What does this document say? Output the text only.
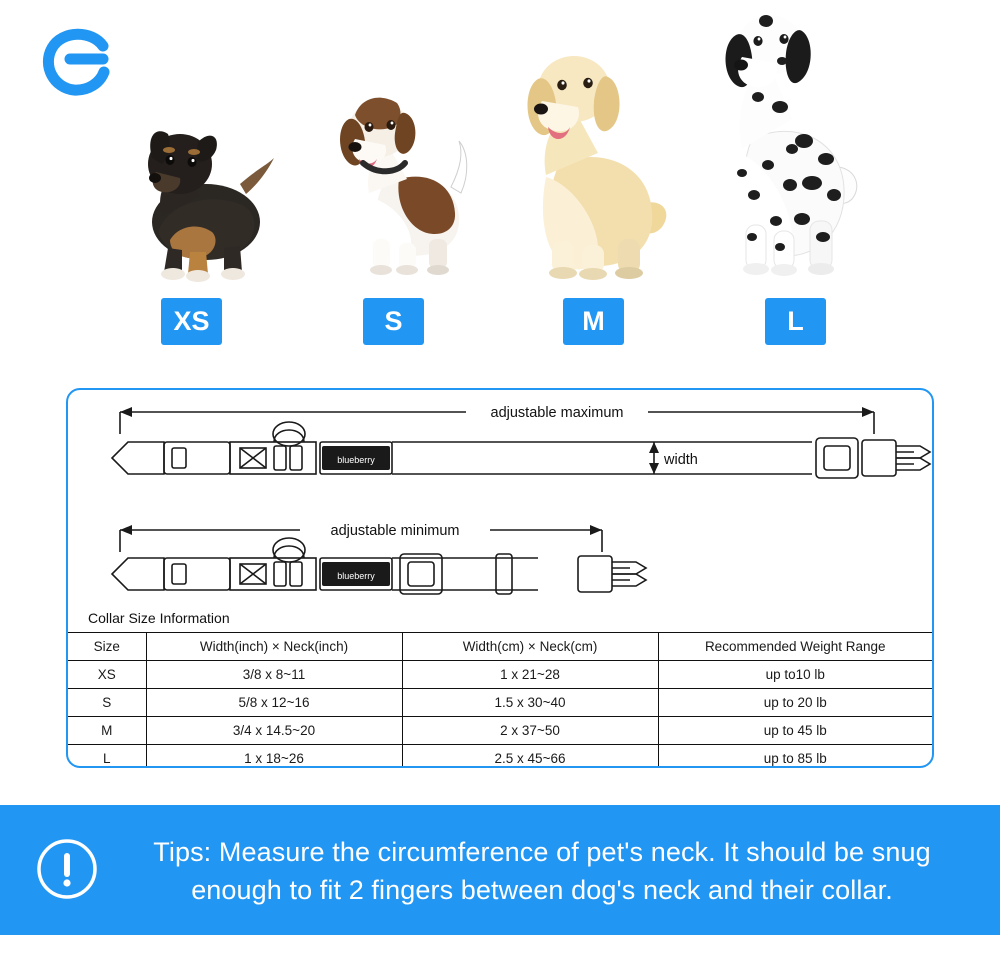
XS	S	M	L
adjustable maximum
adjustable minimum
width
blueberry
blueberry
Collar Size Information
Size	Width(inch) × Neck(inch)	Width(cm) × Neck(cm)	Recommended Weight Range
XS	3/8 x 8~11	1 x 21~28	up to10 lb
S	5/8 x 12~16	1.5 x 30~40	up to 20 lb
M	3/4 x 14.5~20	2 x 37~50	up to 45 lb
L	1 x 18~26	2.5 x 45~66	up to 85 lb
Tips: Measure the circumference of pet's neck. It should be snug enough to fit 2 fingers between dog's neck and their collar.
